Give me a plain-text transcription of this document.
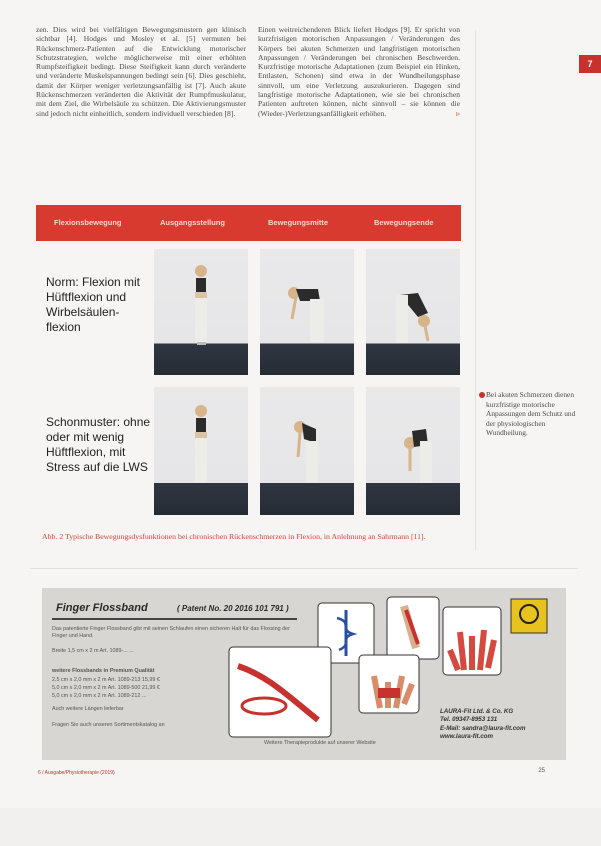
7
zen. Dies wird bei vielfältigen Bewegungsmustern gen klinisch sichtbar [4]. Hodges und Mosley et al. [5] vermuten bei Rückenschmerz-Patienten auf die Entwicklung motorischer Schutzstrategien, welche möglicherweise mit einer erhöhten Rumpfsteifigkeit bedingt. Diese Steifigkeit kann durch veränderte und veränderte Muskelspannungen bedingt sein [6]. Dies geschieht, damit der Körper weniger verletzungsanfällig ist [7]. Auch akute Rückenschmerzen veränderten die Aktivität der Rumpfmuskulatur, mit dem Ziel, die Wirbelsäule zu schützen. Die Aktivierungsmuster sind jedoch nicht einheitlich, sondern individuell verschieden [8].
Einen weitreichenderen Blick liefert Hodges [9]. Er spricht von kurzfristigen motorischen Anpassungen / Veränderungen des Körpers bei akuten Schmerzen und langfristigen motorischen Anpassungen / Veränderungen bei chronischen Beschwerden. Kurzfristige motorische Adaptationen (zum Beispiel ein Hinken, Entlasten, Schonen) sind etwa in der Wundheilungsphase sinnvoll, um eine Verletzung auszukurieren. Dagegen sind langfristige motorische Adaptationen, wie sie bei chronischen Patienten auftreten können, nicht sinnvoll – sie können die (Wieder-)Verletzungsanfälligkeit erhöhen.	▹
Flexionsbewegung	Ausgangsstellung	Bewegungsmitte	Bewegungsende
Norm: Flexion mit Hüftflexion und Wirbelsäulen-flexion
Schonmuster: ohne oder mit wenig Hüftflexion, mit Stress auf die LWS
Abb. 2 Typische Bewegungsdysfunktionen bei chronischen Rückenschmerzen in Flexion, in Anlehnung an Sahrmann [11].

Bei akuten Schmerzen dienen kurzfristige motorische Anpassungen dem Schutz und der physiologischen Wundheilung.

Finger Flossband	( Patent No. 20 2016 101 791 )
Das patentierte Finger Flossband gibt mit seinen Schlaufen einen sicheren Halt für das Flossing der Finger und Hand.
Breite 1,5 cm x 2 m Art. 1089-... ...
weitere Flossbands in Premium Qualität
2,5 cm x 2,0 mm x 2 m Art. 1089-213 15,99 €
5,0 cm x 2,0 mm x 2 m Art. 1089-500 21,99 €
5,0 cm x 2,0 mm x 2 m Art. 1089-212 ...
Auch weitere Längen lieferbar
Fragen Sie auch unseren Sortimentskatalog an
Weitere Therapieprodukte auf unserer Website
LAURA-Fit Ltd. & Co. KG
Tel. 09347-8953 131
E-Mail: sandra@laura-fit.com
www.laura-fit.com
6 / Ausgabe/Physiotherapie (2019)	25
